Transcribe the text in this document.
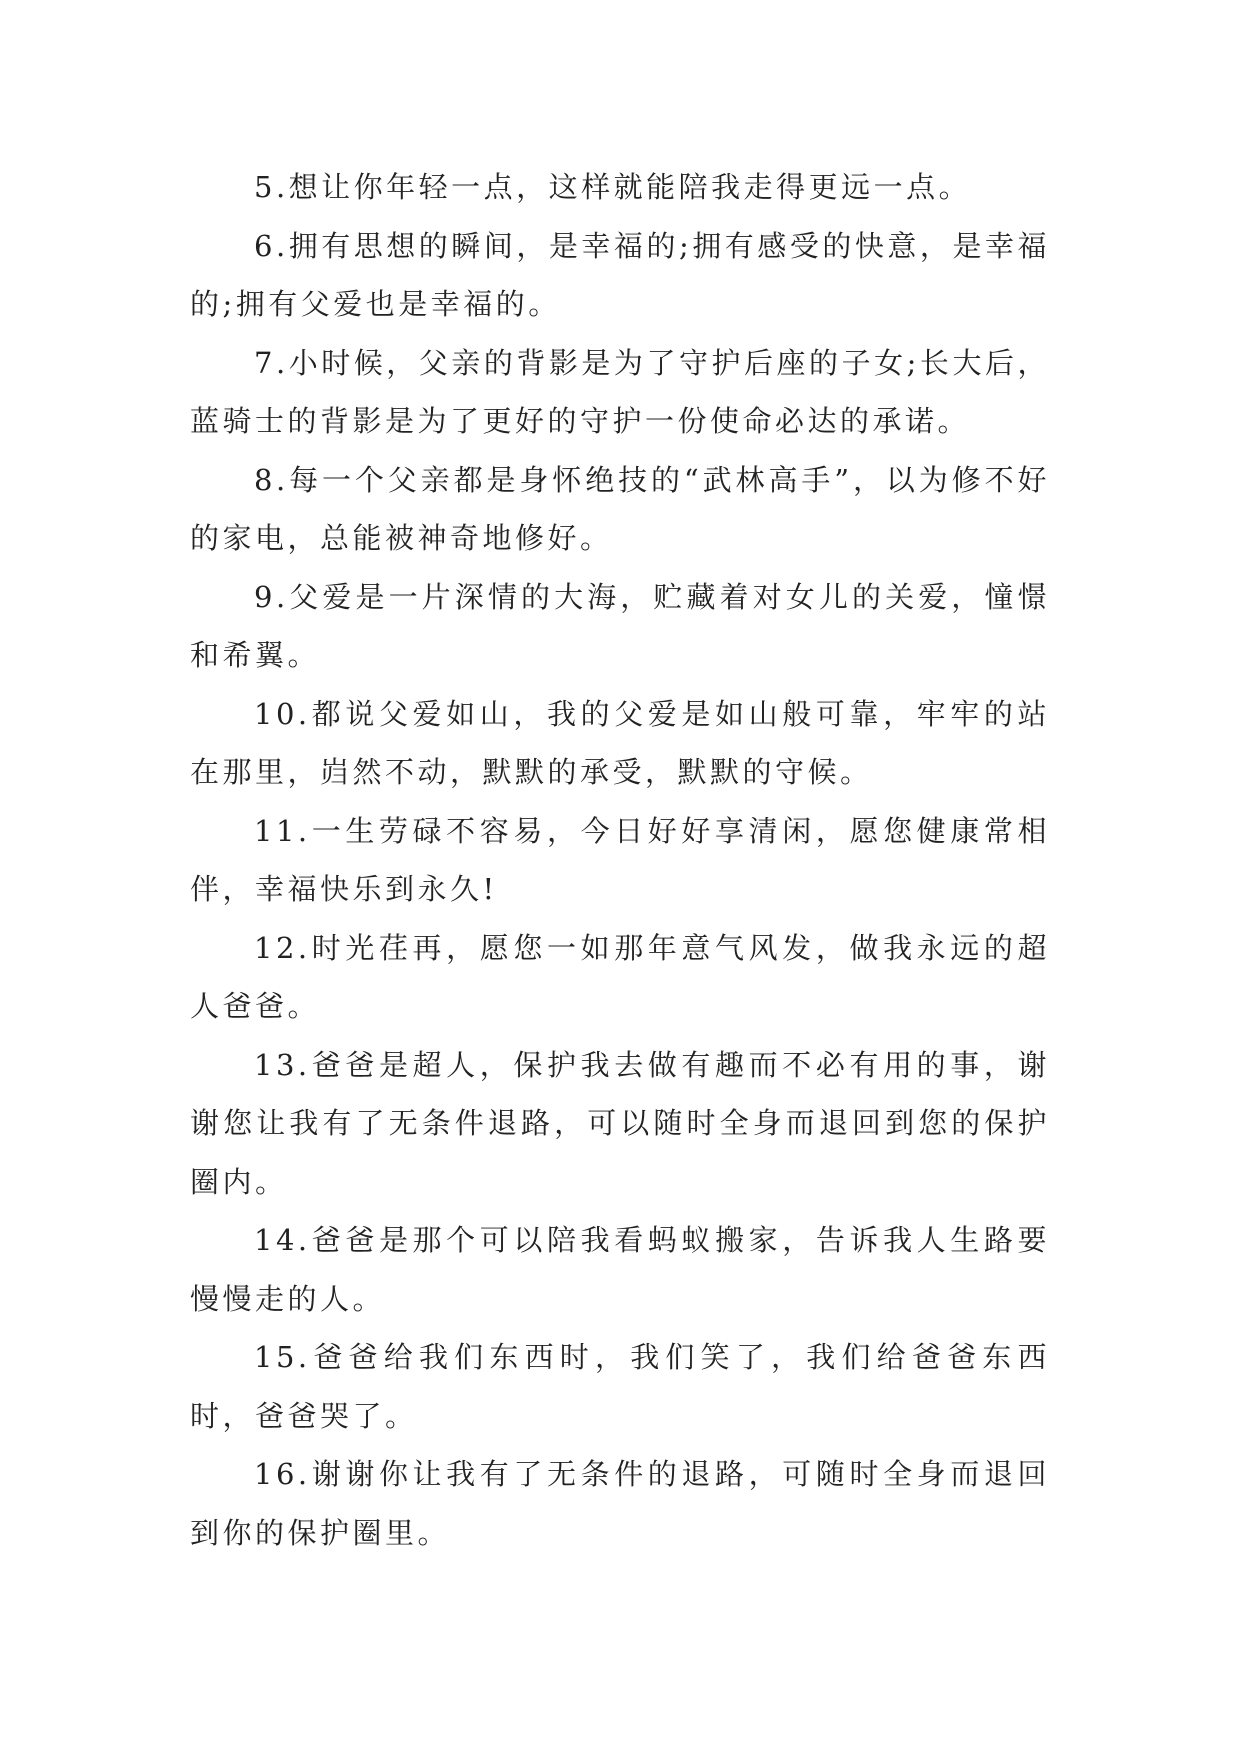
5.想让你年轻一点，这样就能陪我走得更远一点。

6.拥有思想的瞬间，是幸福的;拥有感受的快意，是幸福的;拥有父爱也是幸福的。

7.小时候，父亲的背影是为了守护后座的子女;长大后，蓝骑士的背影是为了更好的守护一份使命必达的承诺。

8.每一个父亲都是身怀绝技的“武林高手”，以为修不好的家电，总能被神奇地修好。

9.父爱是一片深情的大海，贮藏着对女儿的关爱，憧憬和希翼。

10.都说父爱如山，我的父爱是如山般可靠，牢牢的站在那里，岿然不动，默默的承受，默默的守候。

11.一生劳碌不容易，今日好好享清闲，愿您健康常相伴，幸福快乐到永久!

12.时光荏再，愿您一如那年意气风发，做我永远的超人爸爸。

13.爸爸是超人，保护我去做有趣而不必有用的事，谢谢您让我有了无条件退路，可以随时全身而退回到您的保护圈内。

14.爸爸是那个可以陪我看蚂蚁搬家，告诉我人生路要慢慢走的人。

15.爸爸给我们东西时，我们笑了，我们给爸爸东西时，爸爸哭了。

16.谢谢你让我有了无条件的退路，可随时全身而退回到你的保护圈里。
